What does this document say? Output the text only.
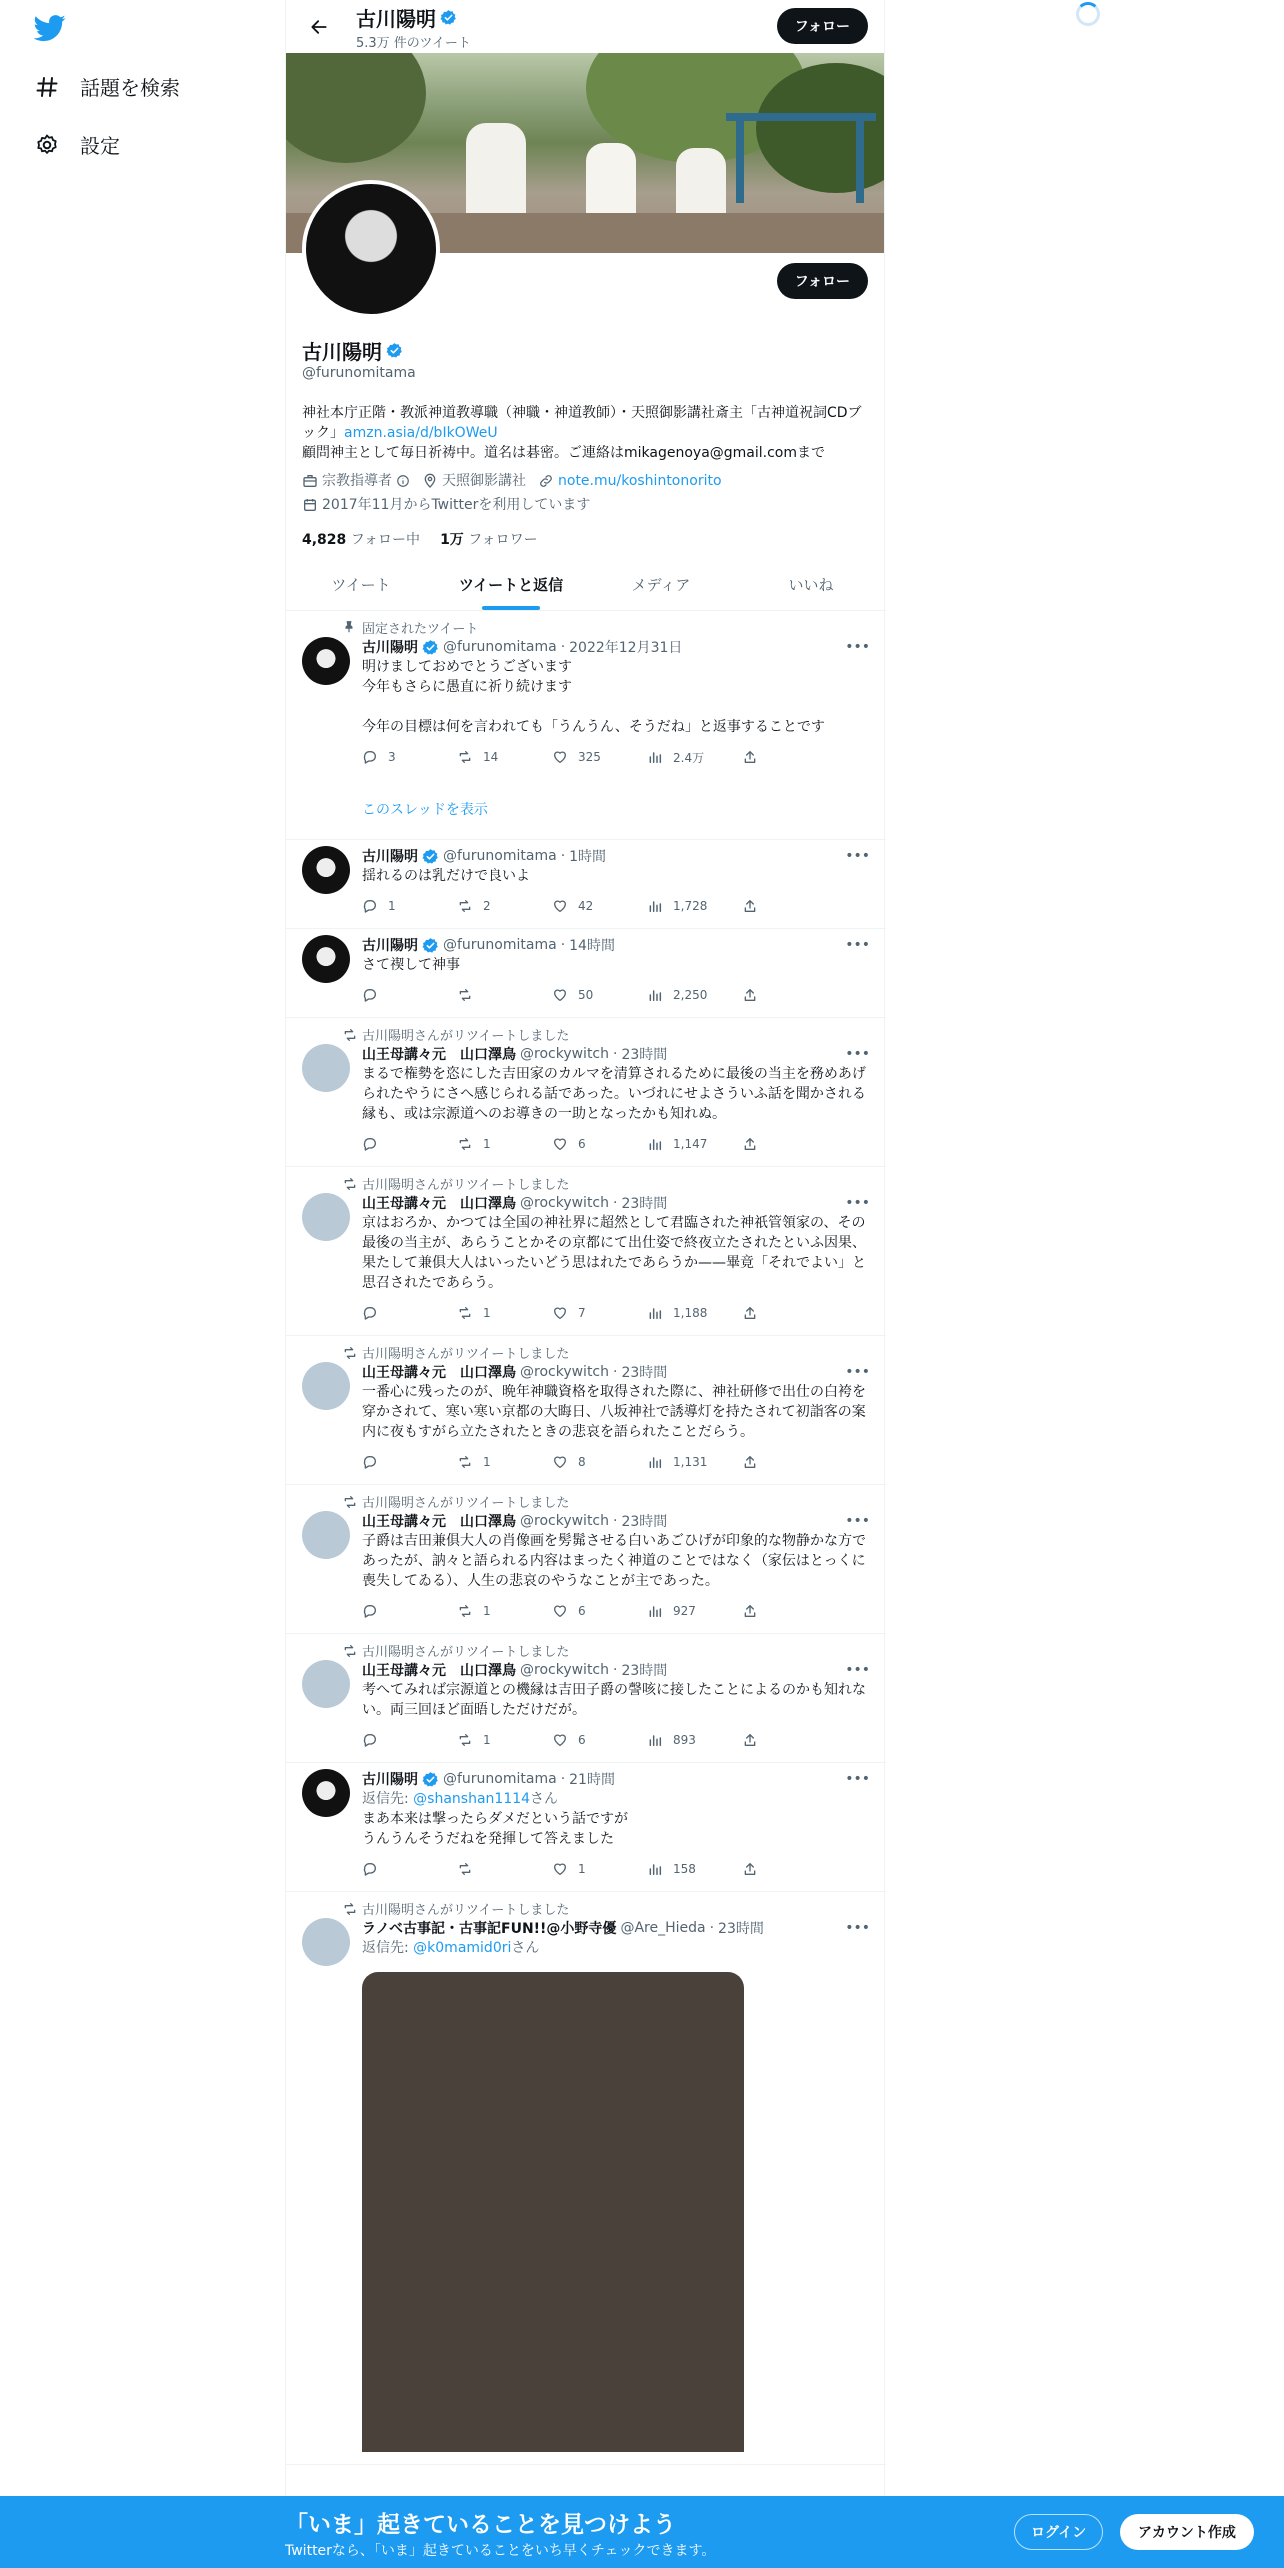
話題を検索
設定
古川陽明
5.3万 件のツイート
フォロー
フォロー
古川陽明
@furunomitama
神社本庁正階・教派神道教導職（神職・神道教師）・天照御影講社斎主「古神道祝詞CDブック」amzn.asia/d/bIkOWeU
顧問神主として毎日祈祷中。道名は碁密。ご連絡はmikagenoya@gmail.comまで
宗教指導者	天照御影講社 note.mu/koshintonorito
2017年11月からTwitterを利用しています
4,828 フォロー中 1万 フォロワー
ツイート	ツイートと返信	メディア	いいね
固定されたツイート
古川陽明 @furunomitama · 2022年12月31日	•••
明けましておめでとうございます
今年もさらに愚直に祈り続けます

今年の目標は何を言われても「うんうん、そうだね」と返事することです
3	14	325	2.4万
このスレッドを表示
古川陽明 @furunomitama · 1時間	•••
揺れるのは乳だけで良いよ
1	2	42	1,728
古川陽明 @furunomitama · 14時間	•••
さて禊して神事
50	2,250
古川陽明さんがリツイートしました
山王母講々元　山口澤鳥 @rockywitch · 23時間	•••
まるで権勢を恣にした吉田家のカルマを清算されるために最後の当主を務めあげられたやうにさへ感じられる話であった。いづれにせよさういふ話を聞かされる縁も、或は宗源道へのお導きの一助となったかも知れぬ。
1	6	1,147
古川陽明さんがリツイートしました
山王母講々元　山口澤鳥 @rockywitch · 23時間	•••
京はおろか、かつては全国の神社界に超然として君臨された神祇管領家の、その最後の当主が、あらうことかその京都にて出仕姿で終夜立たされたといふ因果、果たして兼俱大人はいったいどう思はれたであらうか——畢竟「それでよい」と思召されたであらう。
1	7	1,188
古川陽明さんがリツイートしました
山王母講々元　山口澤鳥 @rockywitch · 23時間	•••
一番心に残ったのが、晩年神職資格を取得された際に、神社研修で出仕の白袴を穿かされて、寒い寒い京都の大晦日、八坂神社で誘導灯を持たされて初詣客の案内に夜もすがら立たされたときの悲哀を語られたことだらう。
1	8	1,131
古川陽明さんがリツイートしました
山王母講々元　山口澤鳥 @rockywitch · 23時間	•••
子爵は吉田兼俱大人の肖像画を髣髴させる白いあごひげが印象的な物静かな方であったが、訥々と語られる内容はまったく神道のことではなく（家伝はとっくに喪失してゐる）、人生の悲哀のやうなことが主であった。
1	6	927
古川陽明さんがリツイートしました
山王母講々元　山口澤鳥 @rockywitch · 23時間	•••
考へてみれば宗源道との機縁は吉田子爵の謦咳に接したことによるのかも知れない。両三回ほど面晤しただけだが。
1	6	893
古川陽明 @furunomitama · 21時間	•••
返信先: @shanshan1114さん
まあ本来は撃ったらダメだという話ですが
うんうんそうだねを発揮して答えました
1	158
古川陽明さんがリツイートしました
ラノベ古事記・古事記FUN!!@小野寺優 @Are_Hieda · 23時間	•••
返信先: @k0mamid0riさん
「いま」起きていることを見つけよう
Twitterなら、「いま」起きていることをいち早くチェックできます。
ログイン	アカウント作成
